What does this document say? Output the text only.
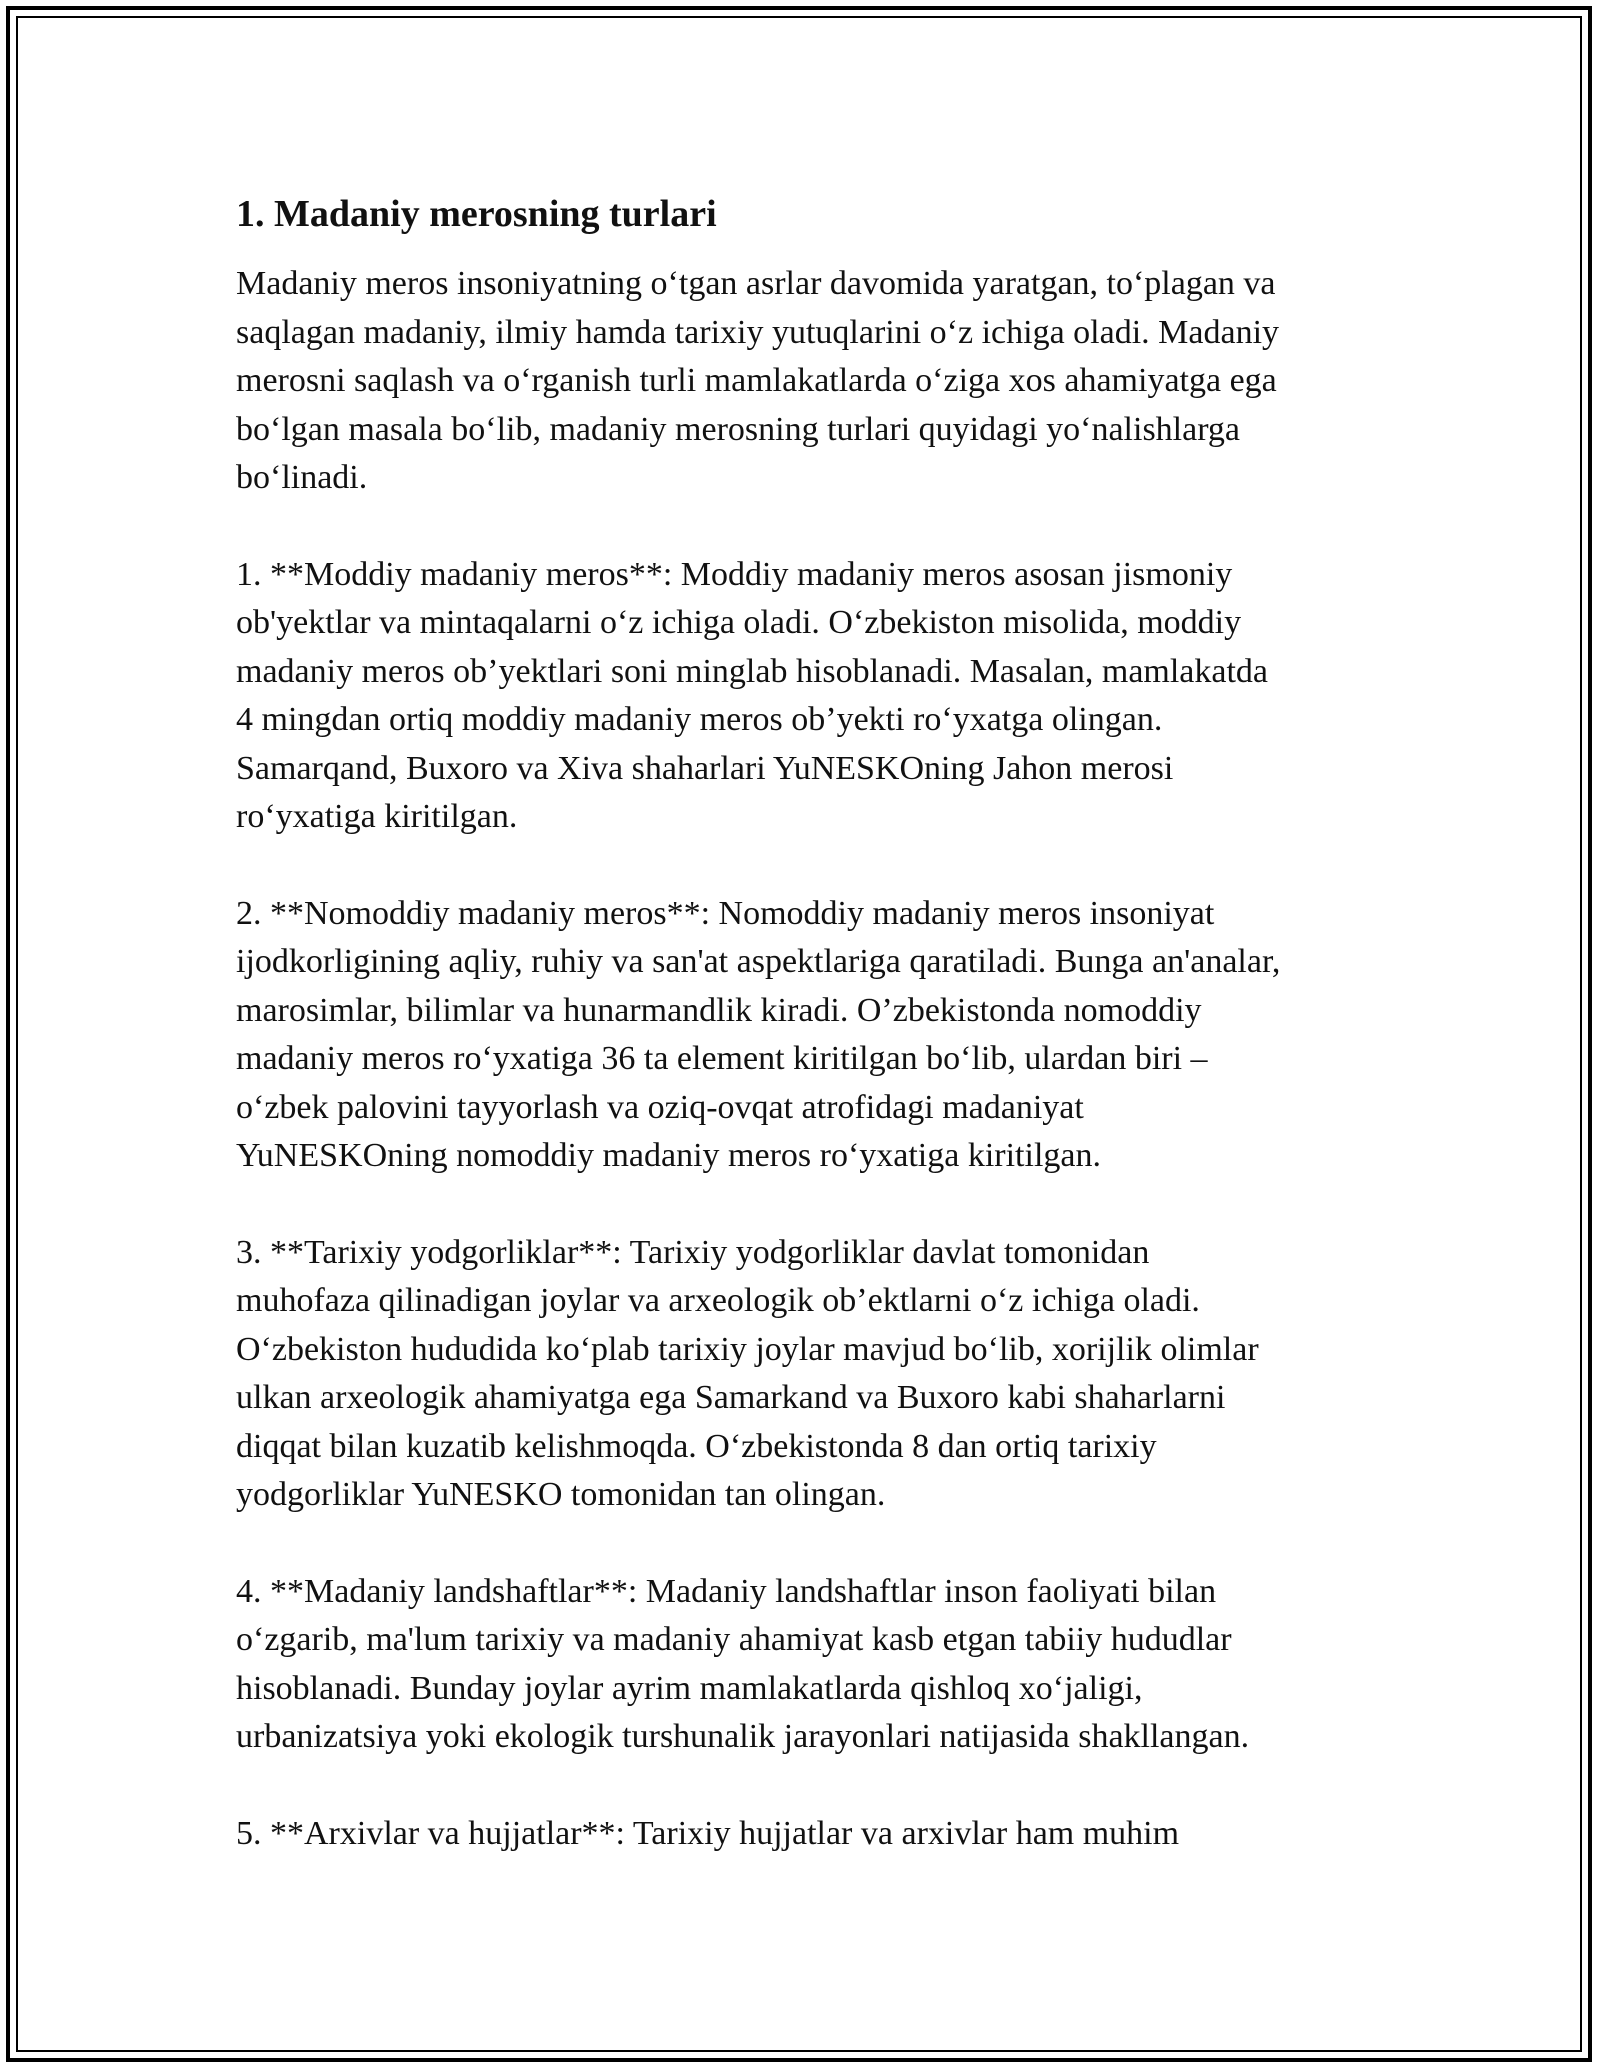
1. Madaniy merosning turlari

Madaniy meros insoniyatning o‘tgan asrlar davomida yaratgan, to‘plagan va
saqlagan madaniy, ilmiy hamda tarixiy yutuqlarini o‘z ichiga oladi. Madaniy
merosni saqlash va o‘rganish turli mamlakatlarda o‘ziga xos ahamiyatga ega
bo‘lgan masala bo‘lib, madaniy merosning turlari quyidagi yo‘nalishlarga
bo‘linadi.

1. **Moddiy madaniy meros**: Moddiy madaniy meros asosan jismoniy
ob'yektlar va mintaqalarni o‘z ichiga oladi. O‘zbekiston misolida, moddiy
madaniy meros ob’yektlari soni minglab hisoblanadi. Masalan, mamlakatda
4 mingdan ortiq moddiy madaniy meros ob’yekti ro‘yxatga olingan.
Samarqand, Buxoro va Xiva shaharlari YuNESKOning Jahon merosi
ro‘yxatiga kiritilgan.

2. **Nomoddiy madaniy meros**: Nomoddiy madaniy meros insoniyat
ijodkorligining aqliy, ruhiy va san'at aspektlariga qaratiladi. Bunga an'analar,
marosimlar, bilimlar va hunarmandlik kiradi. O’zbekistonda nomoddiy
madaniy meros ro‘yxatiga 36 ta element kiritilgan bo‘lib, ulardan biri –
o‘zbek palovini tayyorlash va oziq-ovqat atrofidagi madaniyat
YuNESKOning nomoddiy madaniy meros ro‘yxatiga kiritilgan.

3. **Tarixiy yodgorliklar**: Tarixiy yodgorliklar davlat tomonidan
muhofaza qilinadigan joylar va arxeologik ob’ektlarni o‘z ichiga oladi.
O‘zbekiston hududida ko‘plab tarixiy joylar mavjud bo‘lib, xorijlik olimlar
ulkan arxeologik ahamiyatga ega Samarkand va Buxoro kabi shaharlarni
diqqat bilan kuzatib kelishmoqda. O‘zbekistonda 8 dan ortiq tarixiy
yodgorliklar YuNESKO tomonidan tan olingan.

4. **Madaniy landshaftlar**: Madaniy landshaftlar inson faoliyati bilan
o‘zgarib, ma'lum tarixiy va madaniy ahamiyat kasb etgan tabiiy hududlar
hisoblanadi. Bunday joylar ayrim mamlakatlarda qishloq xo‘jaligi,
urbanizatsiya yoki ekologik turshunalik jarayonlari natijasida shakllangan.

5. **Arxivlar va hujjatlar**: Tarixiy hujjatlar va arxivlar ham muhim
